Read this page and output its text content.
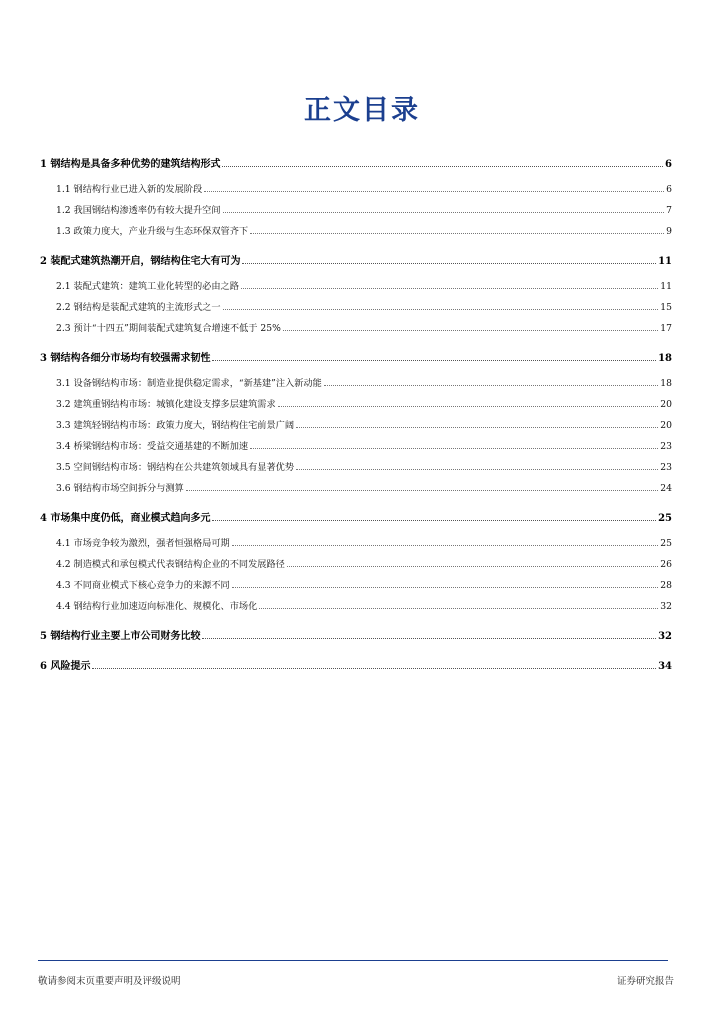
正文目录
1 钢结构是具备多种优势的建筑结构形式	6
1.1 钢结构行业已进入新的发展阶段	6
1.2 我国钢结构渗透率仍有较大提升空间	7
1.3 政策力度大，产业升级与生态环保双管齐下	9
2 装配式建筑热潮开启，钢结构住宅大有可为	11
2.1 装配式建筑：建筑工业化转型的必由之路	11
2.2 钢结构是装配式建筑的主流形式之一	15
2.3 预计“十四五”期间装配式建筑复合增速不低于 25%	17
3 钢结构各细分市场均有较强需求韧性	18
3.1 设备钢结构市场：制造业提供稳定需求，“新基建”注入新动能	18
3.2 建筑重钢结构市场：城镇化建设支撑多层建筑需求	20
3.3 建筑轻钢结构市场：政策力度大，钢结构住宅前景广阔	20
3.4 桥梁钢结构市场：受益交通基建的不断加速	23
3.5 空间钢结构市场：钢结构在公共建筑领域具有显著优势	23
3.6 钢结构市场空间拆分与测算	24
4 市场集中度仍低，商业模式趋向多元	25
4.1 市场竞争较为激烈，强者恒强格局可期	25
4.2 制造模式和承包模式代表钢结构企业的不同发展路径	26
4.3 不同商业模式下核心竞争力的来源不同	28
4.4 钢结构行业加速迈向标准化、规模化、市场化	32
5 钢结构行业主要上市公司财务比较	32
6 风险提示	34
敬请参阅末页重要声明及评级说明	证券研究报告
